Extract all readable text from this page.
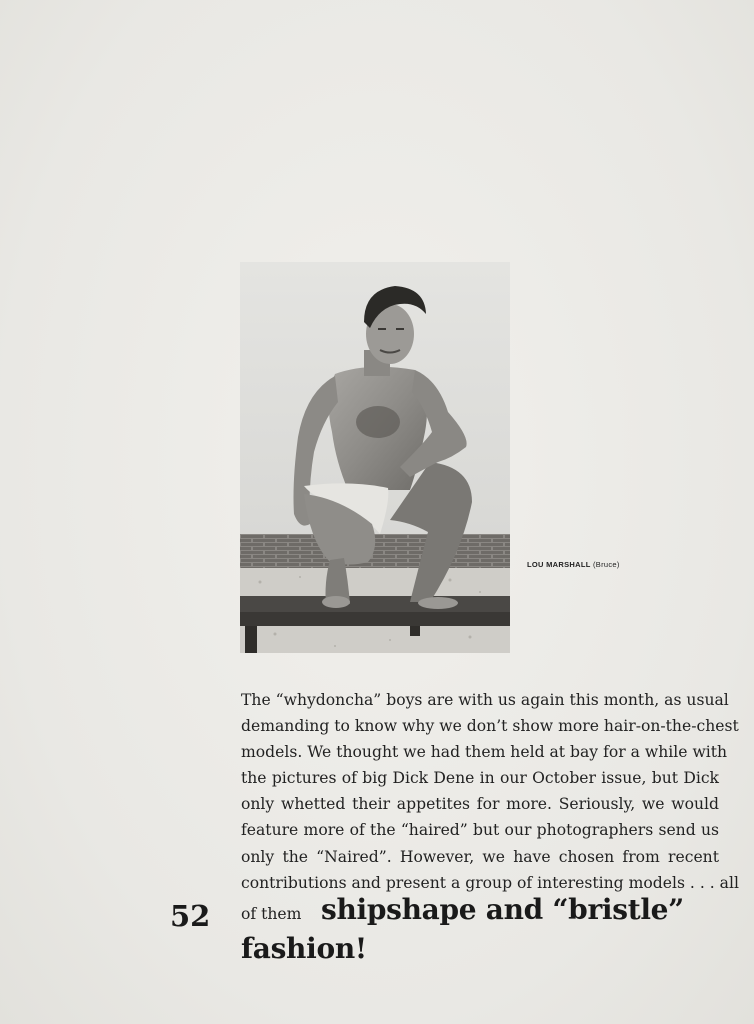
LOU MARSHALL (Bruce)
The “whydoncha” boys are with us again this month, as usual
demanding to know why we don’t show more hair-on-the-chest
models. We thought we had them held at bay for a while with
the pictures of big Dick Dene in our October issue, but Dick
only whetted their appetites for more. Seriously, we would
feature more of the “haired” but our photographers send us
only the “Naired”. However, we have chosen from recent
contributions and present a group of interesting models . . . all
52 of them shipshape and “bristle”
fashion!
